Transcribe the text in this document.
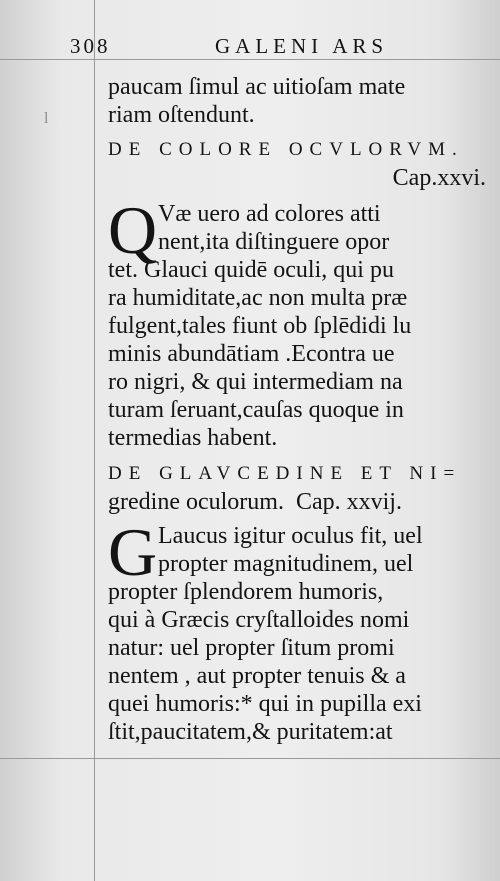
l
308	GALENI ARS
paucam ſimul ac uitioſam mate
riam oſtendunt.
DE COLORE OCVLORVM.
Cap.xxvi.
Q Væ uero ad colores atti
nent,ita diſtinguere opor
tet. Glauci quidē oculi, qui pu
ra humiditate,ac non multa præ
fulgent,tales fiunt ob ſplēdidi lu
minis abundātiam .Econtra ue
ro nigri, & qui intermediam na
turam ſeruant,cauſas quoque in
termedias habent.
DE GLAVCEDINE ET NI=
gredine oculorum.  Cap. xxvij.
G Laucus igitur oculus fit, uel
propter magnitudinem, uel
propter ſplendorem humoris,
qui à Græcis cryſtalloides nomi
natur: uel propter ſitum promi
nentem , aut propter tenuis & a
quei humoris:* qui in pupilla exi
ſtit,paucitatem,& puritatem:at
